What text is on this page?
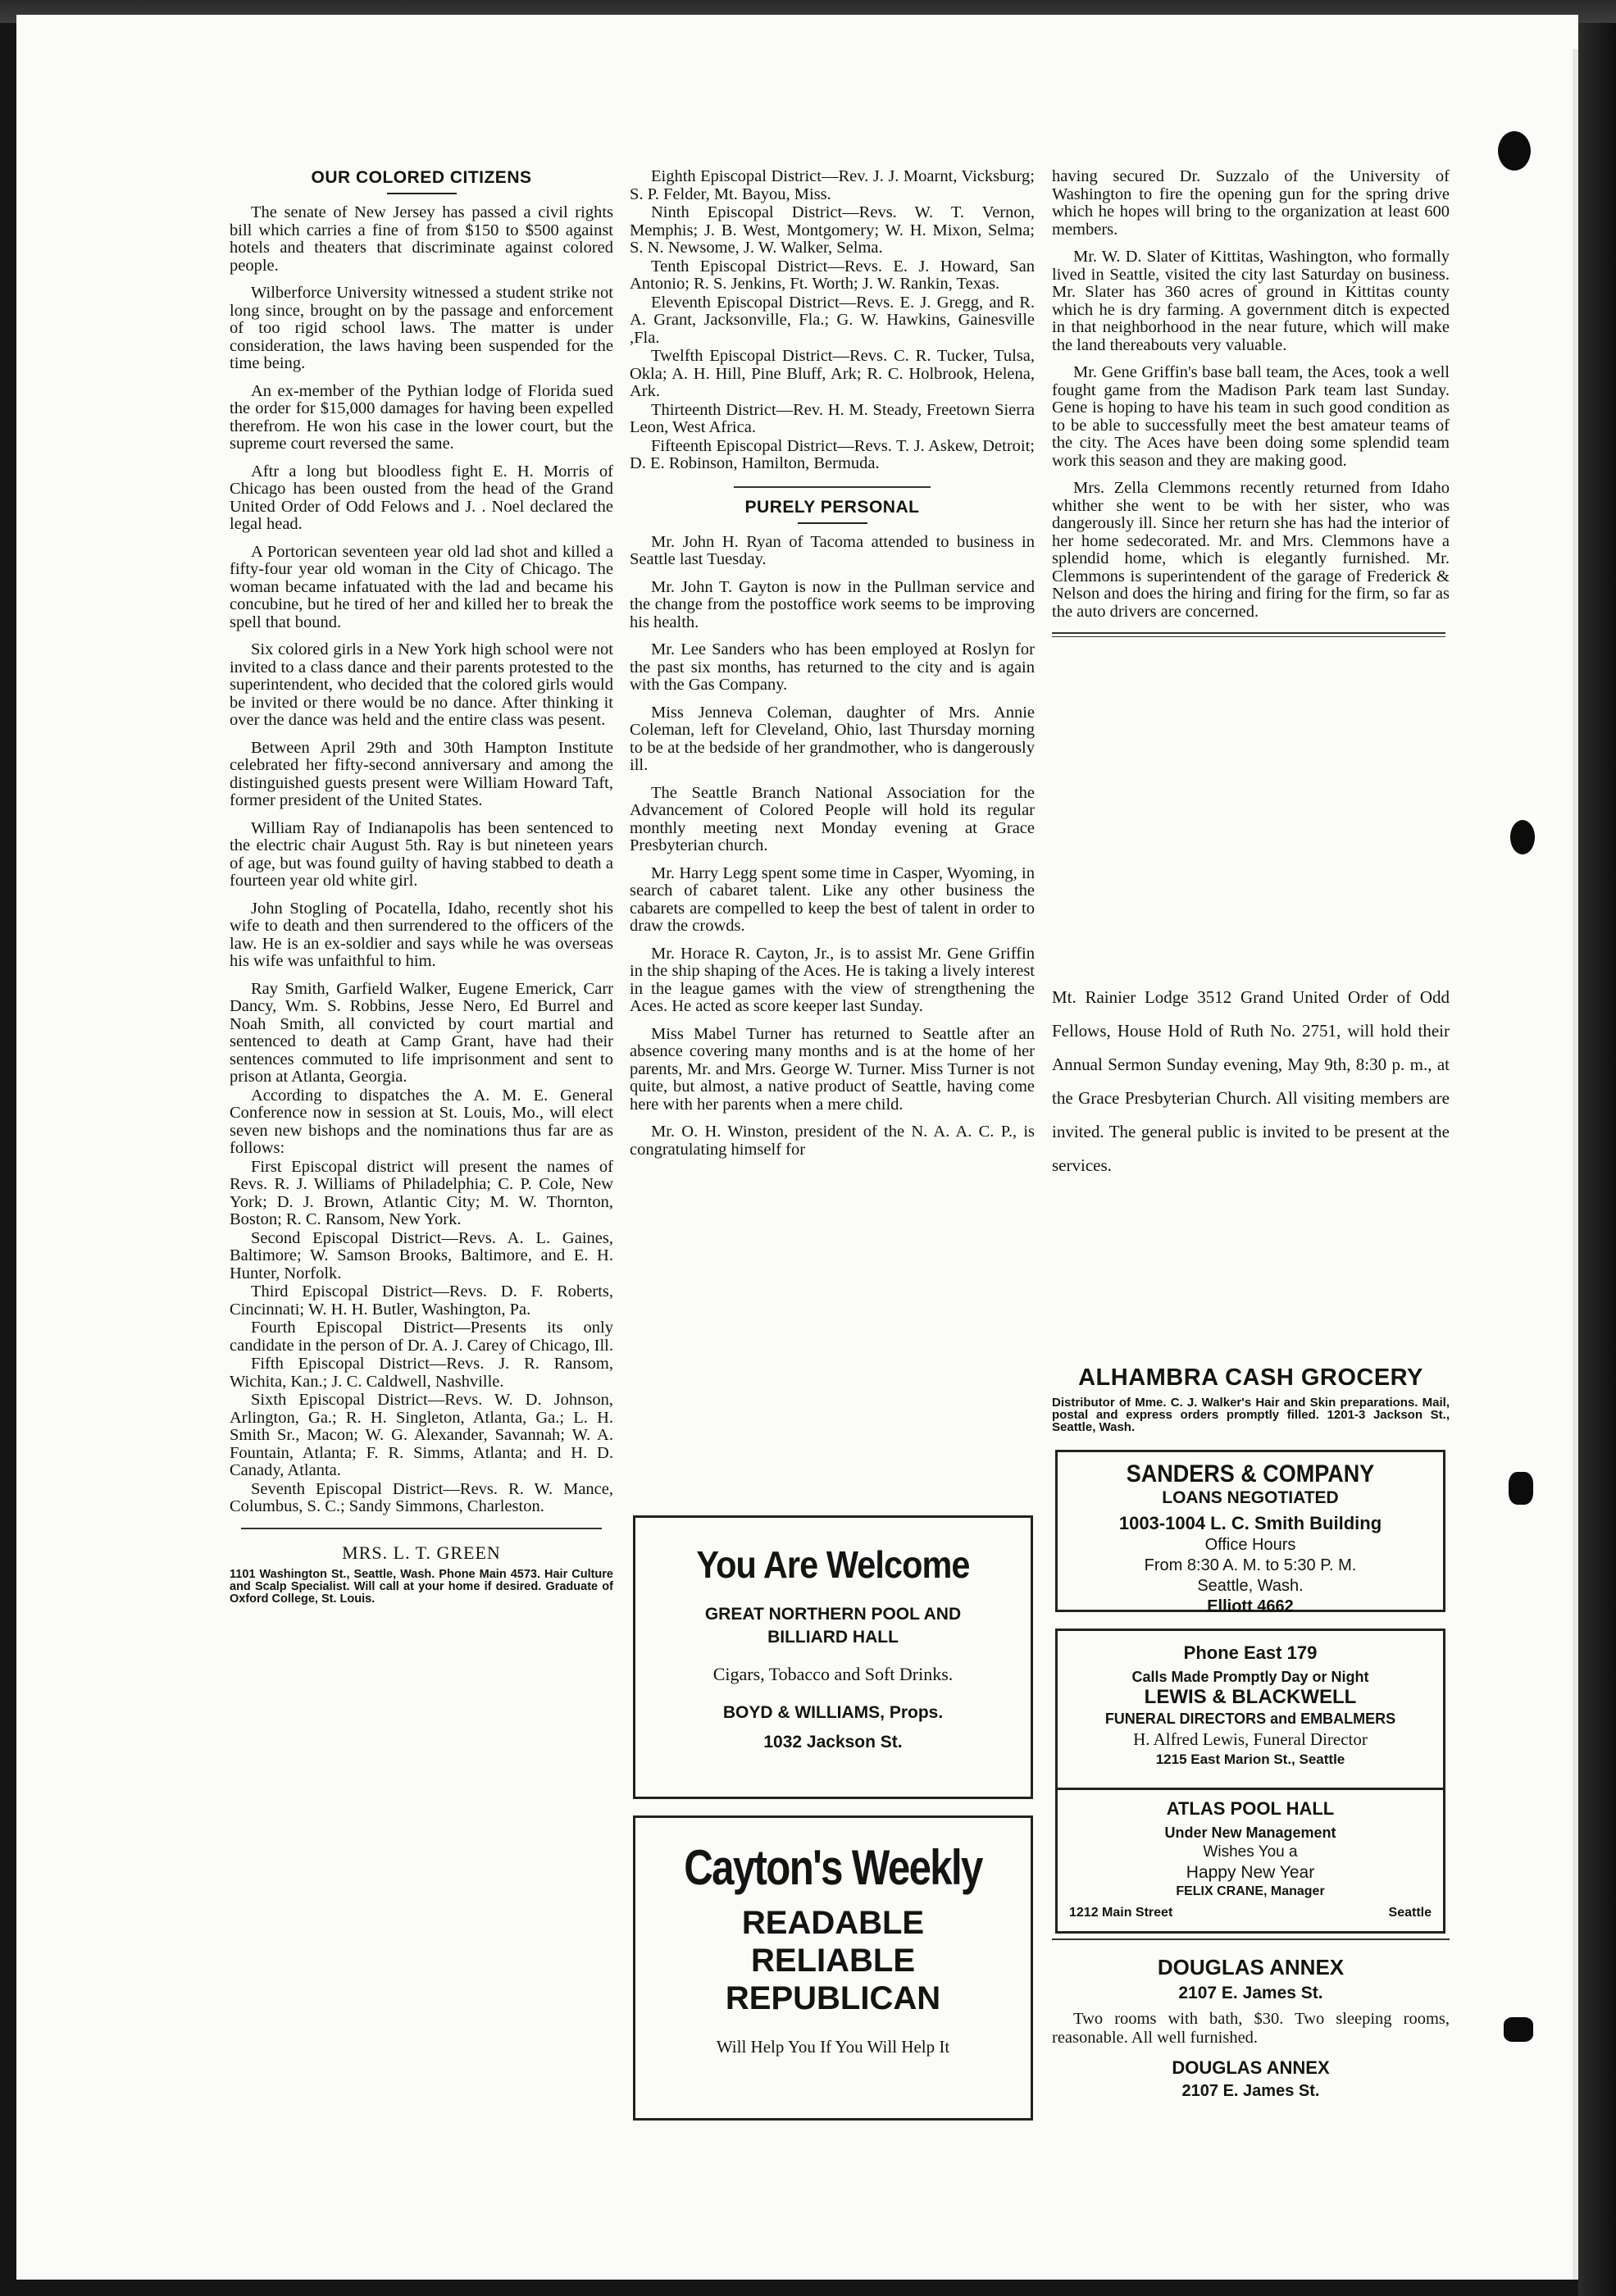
OUR COLORED CITIZENS

The senate of New Jersey has passed a civil rights bill which carries a fine of from $150 to $500 against hotels and theaters that discriminate against colored people.

Wilberforce University witnessed a student strike not long since, brought on by the passage and enforcement of too rigid school laws. The matter is under consideration, the laws having been suspended for the time being.

An ex-member of the Pythian lodge of Florida sued the order for $15,000 damages for having been expelled therefrom. He won his case in the lower court, but the supreme court reversed the same.

Aftr a long but bloodless fight E. H. Morris of Chicago has been ousted from the head of the Grand United Order of Odd Felows and J. . Noel declared the legal head.

A Portorican seventeen year old lad shot and killed a fifty-four year old woman in the City of Chicago. The woman became infatuated with the lad and became his concubine, but he tired of her and killed her to break the spell that bound.

Six colored girls in a New York high school were not invited to a class dance and their parents protested to the superintendent, who decided that the colored girls would be invited or there would be no dance. After thinking it over the dance was held and the entire class was pesent.

Between April 29th and 30th Hampton Institute celebrated her fifty-second anniversary and among the distinguished guests present were William Howard Taft, former president of the United States.

William Ray of Indianapolis has been sentenced to the electric chair August 5th. Ray is but nineteen years of age, but was found guilty of having stabbed to death a fourteen year old white girl.

John Stogling of Pocatella, Idaho, recently shot his wife to death and then surrendered to the officers of the law. He is an ex-soldier and says while he was overseas his wife was unfaithful to him.

Ray Smith, Garfield Walker, Eugene Emerick, Carr Dancy, Wm. S. Robbins, Jesse Nero, Ed Burrel and Noah Smith, all convicted by court martial and sentenced to death at Camp Grant, have had their sentences commuted to life imprisonment and sent to prison at Atlanta, Georgia.

According to dispatches the A. M. E. General Conference now in session at St. Louis, Mo., will elect seven new bishops and the nominations thus far are as follows:

First Episcopal district will present the names of Revs. R. J. Williams of Philadelphia; C. P. Cole, New York; D. J. Brown, Atlantic City; M. W. Thornton, Boston; R. C. Ransom, New York.

Second Episcopal District—Revs. A. L. Gaines, Baltimore; W. Samson Brooks, Baltimore, and E. H. Hunter, Norfolk.

Third Episcopal District—Revs. D. F. Roberts, Cincinnati; W. H. H. Butler, Washington, Pa.

Fourth Episcopal District—Presents its only candidate in the person of Dr. A. J. Carey of Chicago, Ill.

Fifth Episcopal District—Revs. J. R. Ransom, Wichita, Kan.; J. C. Caldwell, Nashville.

Sixth Episcopal District—Revs. W. D. Johnson, Arlington, Ga.; R. H. Singleton, Atlanta, Ga.; L. H. Smith Sr., Macon; W. G. Alexander, Savannah; W. A. Fountain, Atlanta; F. R. Simms, Atlanta; and H. D. Canady, Atlanta.

Seventh Episcopal District—Revs. R. W. Mance, Columbus, S. C.; Sandy Simmons, Charleston.

MRS. L. T. GREEN
1101 Washington St., Seattle, Wash. Phone Main 4573. Hair Culture and Scalp Specialist. Will call at your home if desired. Graduate of Oxford College, St. Louis.

Eighth Episcopal District—Rev. J. J. Moarnt, Vicksburg; S. P. Felder, Mt. Bayou, Miss.

Ninth Episcopal District—Revs. W. T. Vernon, Memphis; J. B. West, Montgomery; W. H. Mixon, Selma; S. N. Newsome, J. W. Walker, Selma.

Tenth Episcopal District—Revs. E. J. Howard, San Antonio; R. S. Jenkins, Ft. Worth; J. W. Rankin, Texas.

Eleventh Episcopal District—Revs. E. J. Gregg, and R. A. Grant, Jacksonville, Fla.; G. W. Hawkins, Gainesville ,Fla.

Twelfth Episcopal District—Revs. C. R. Tucker, Tulsa, Okla; A. H. Hill, Pine Bluff, Ark; R. C. Holbrook, Helena, Ark.

Thirteenth District—Rev. H. M. Steady, Freetown Sierra Leon, West Africa.

Fifteenth Episcopal District—Revs. T. J. Askew, Detroit; D. E. Robinson, Hamilton, Bermuda.

PURELY PERSONAL

Mr. John H. Ryan of Tacoma attended to business in Seattle last Tuesday.

Mr. John T. Gayton is now in the Pullman service and the change from the postoffice work seems to be improving his health.

Mr. Lee Sanders who has been employed at Roslyn for the past six months, has returned to the city and is again with the Gas Company.

Miss Jenneva Coleman, daughter of Mrs. Annie Coleman, left for Cleveland, Ohio, last Thursday morning to be at the bedside of her grandmother, who is dangerously ill.

The Seattle Branch National Association for the Advancement of Colored People will hold its regular monthly meeting next Monday evening at Grace Presbyterian church.

Mr. Harry Legg spent some time in Casper, Wyoming, in search of cabaret talent. Like any other business the cabarets are compelled to keep the best of talent in order to draw the crowds.

Mr. Horace R. Cayton, Jr., is to assist Mr. Gene Griffin in the ship shaping of the Aces. He is taking a lively interest in the league games with the view of strengthening the Aces. He acted as score keeper last Sunday.

Miss Mabel Turner has returned to Seattle after an absence covering many months and is at the home of her parents, Mr. and Mrs. George W. Turner. Miss Turner is not quite, but almost, a native product of Seattle, having come here with her parents when a mere child.

Mr. O. H. Winston, president of the N. A. A. C. P., is congratulating himself for

You Are Welcome
GREAT NORTHERN POOL AND
BILLIARD HALL
Cigars, Tobacco and Soft Drinks.
BOYD & WILLIAMS, Props.
1032 Jackson St.
Cayton's Weekly
READABLE
RELIABLE
REPUBLICAN
Will Help You If You Will Help It

having secured Dr. Suzzalo of the University of Washington to fire the opening gun for the spring drive which he hopes will bring to the organization at least 600 members.

Mr. W. D. Slater of Kittitas, Washington, who formally lived in Seattle, visited the city last Saturday on business. Mr. Slater has 360 acres of ground in Kittitas county which he is dry farming. A government ditch is expected in that neighborhood in the near future, which will make the land thereabouts very valuable.

Mr. Gene Griffin's base ball team, the Aces, took a well fought game from the Madison Park team last Sunday. Gene is hoping to have his team in such good condition as to be able to successfully meet the best amateur teams of the city. The Aces have been doing some splendid team work this season and they are making good.

Mrs. Zella Clemmons recently returned from Idaho whither she went to be with her sister, who was dangerously ill. Since her return she has had the interior of her home sedecorated. Mr. and Mrs. Clemmons have a splendid home, which is elegantly furnished. Mr. Clemmons is superintendent of the garage of Frederick & Nelson and does the hiring and firing for the firm, so far as the auto drivers are concerned.

Mt. Rainier Lodge 3512 Grand United Order of Odd Fellows, House Hold of Ruth No. 2751, will hold their Annual Sermon Sunday evening, May 9th, 8:30 p. m., at the Grace Presbyterian Church. All visiting members are invited. The general public is invited to be present at the services.
ALHAMBRA CASH GROCERY
Distributor of Mme. C. J. Walker's Hair and Skin preparations. Mail, postal and express orders promptly filled. 1201-3 Jackson St., Seattle, Wash.
SANDERS & COMPANY
LOANS NEGOTIATED
1003-1004 L. C. Smith Building
Office Hours
From 8:30 A. M. to 5:30 P. M.
Seattle, Wash.
Elliott 4662
Phone East 179
Calls Made Promptly Day or Night
LEWIS & BLACKWELL
FUNERAL DIRECTORS and EMBALMERS
H. Alfred Lewis, Funeral Director
1215 East Marion St., Seattle
ATLAS POOL HALL
Under New Management
Wishes You a
Happy New Year
FELIX CRANE, Manager
1212 Main Street	Seattle
DOUGLAS ANNEX
2107 E. James St.
Two rooms with bath, $30. Two sleeping rooms, reasonable. All well furnished.
DOUGLAS ANNEX
2107 E. James St.
